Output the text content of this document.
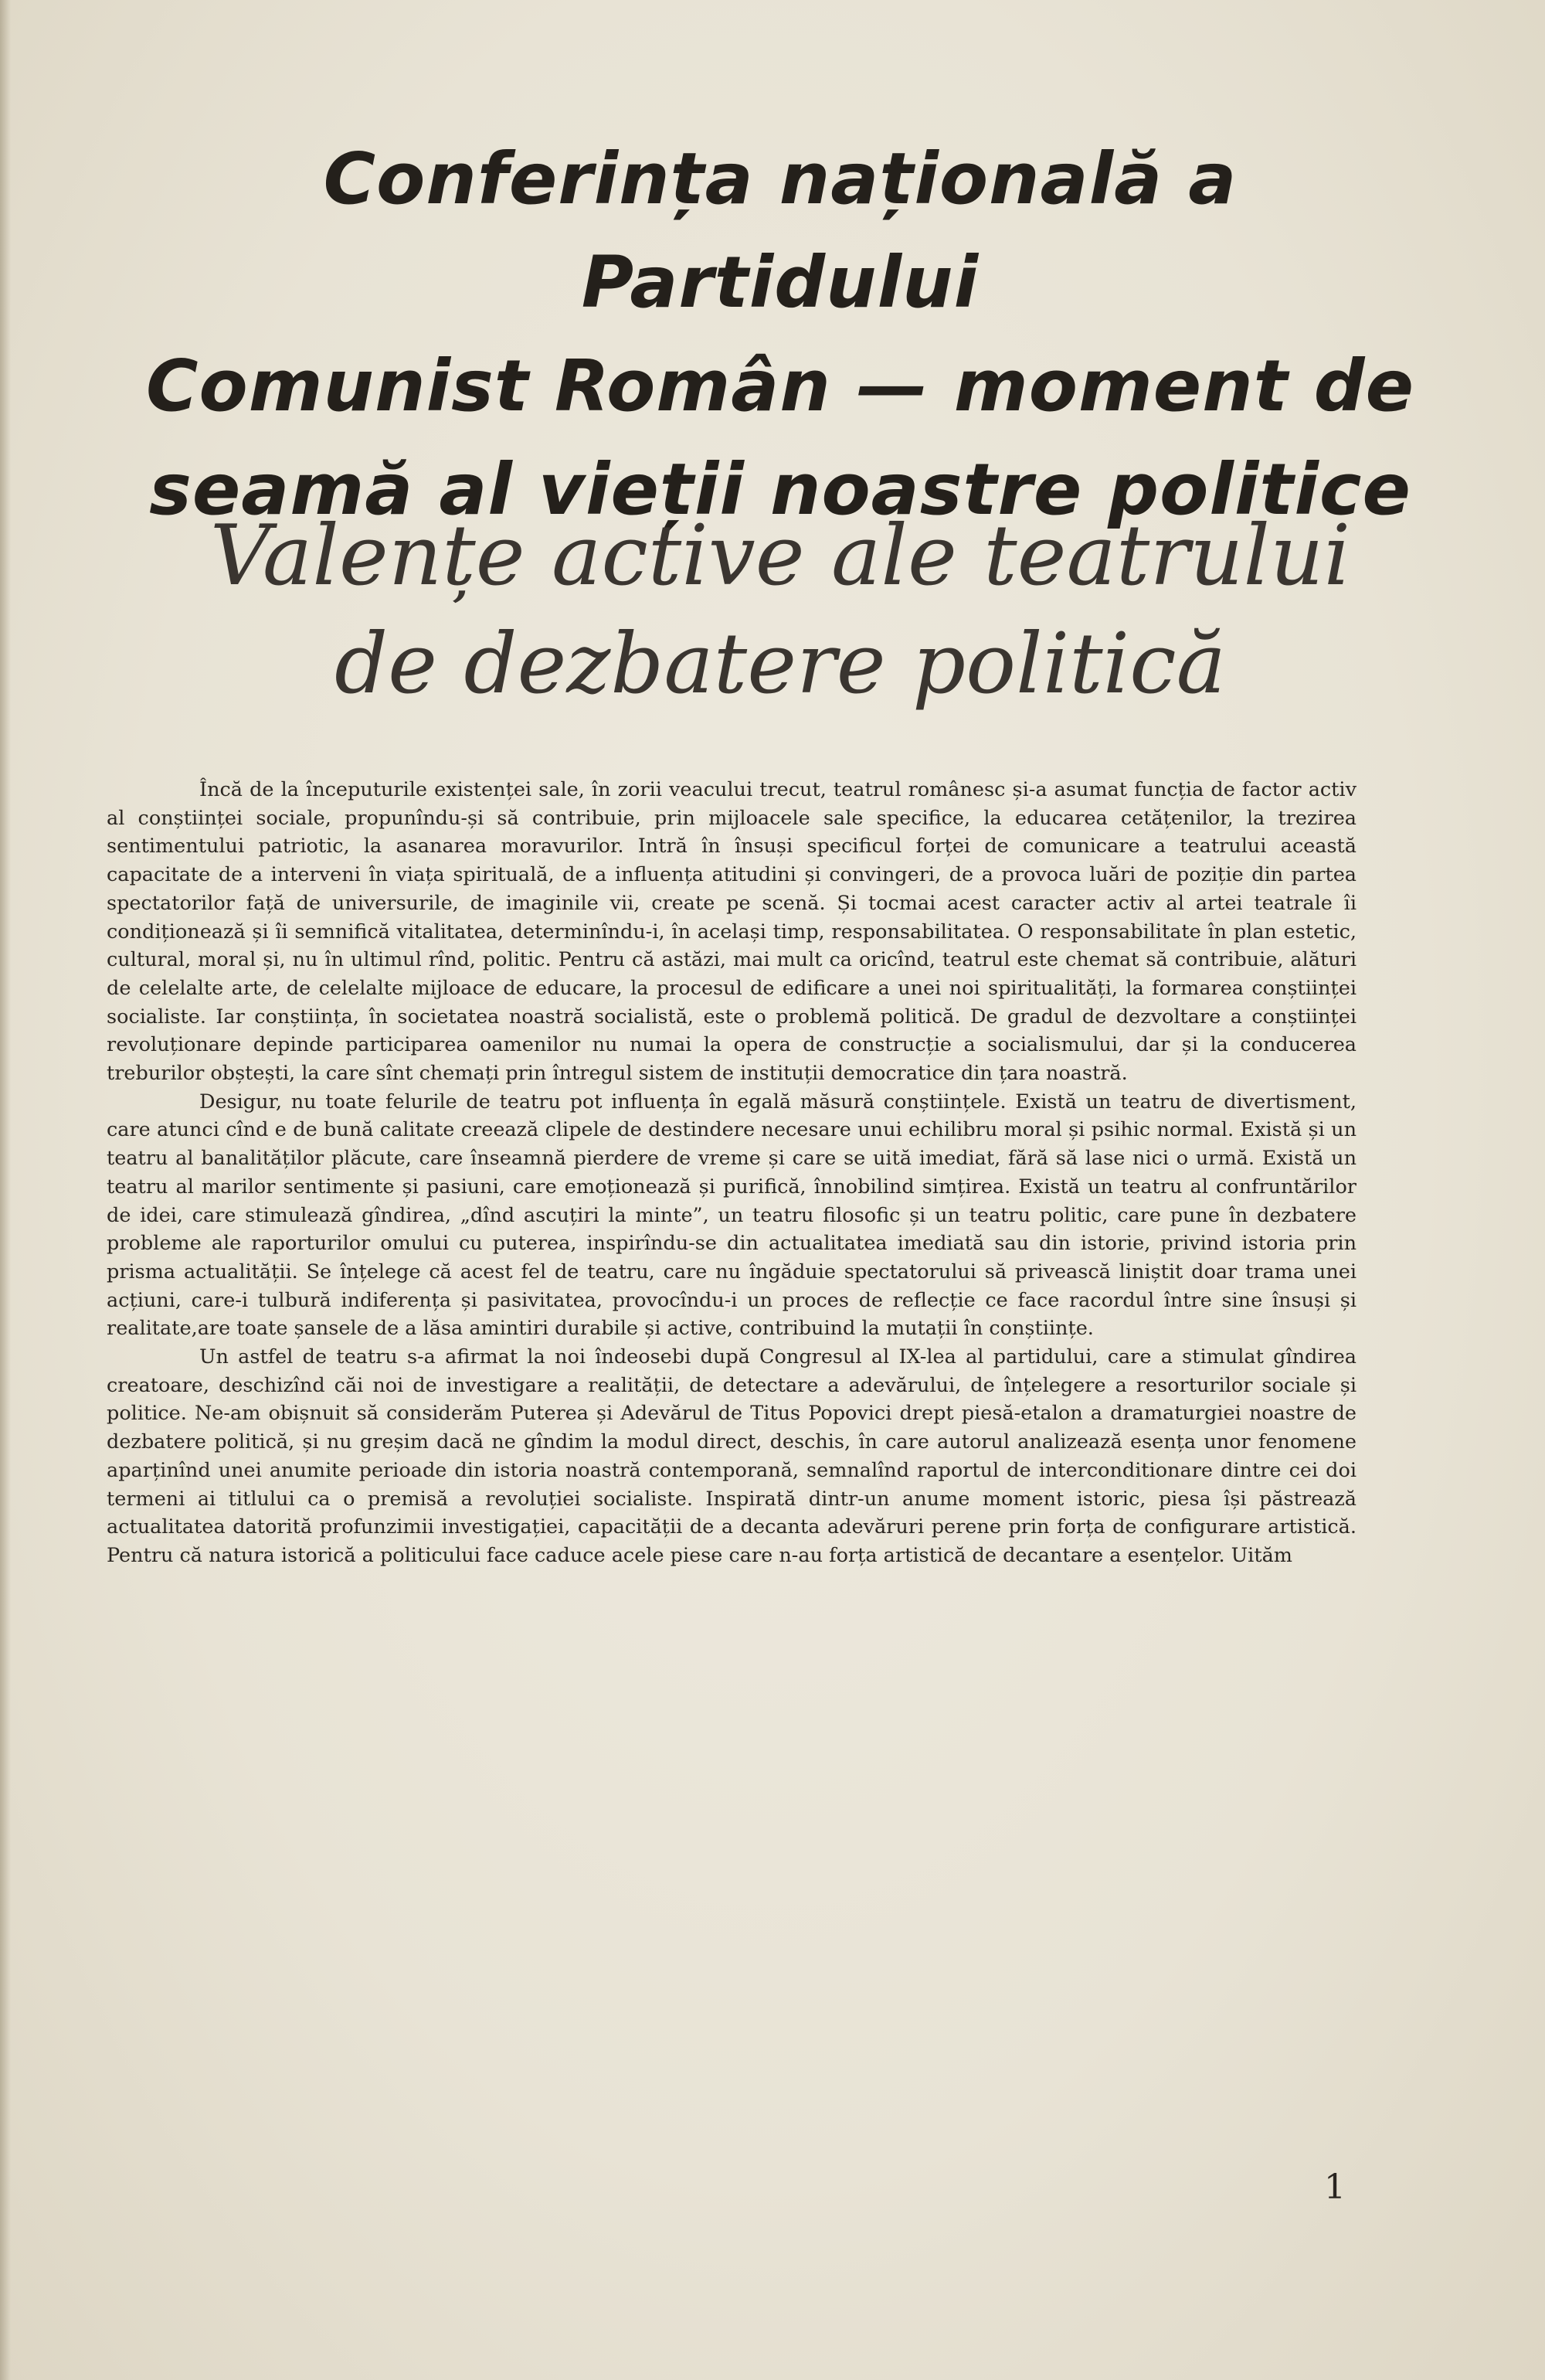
Conferința națională a Partidului
Comunist Român — moment de
seamă al vieții noastre politice
Valențe active ale teatrului
de dezbatere politică

Încă de la începuturile existenței sale, în zorii veacului trecut, teatrul românesc și-a asumat funcția de factor activ al conștiinței sociale, propunîndu-și să contribuie, prin mijloacele sale specifice, la educarea cetățenilor, la trezirea sentimentului patriotic, la asanarea moravurilor. Intră în însuși specificul forței de comunicare a teatrului această capacitate de a interveni în viața spirituală, de a influența atitudini și convingeri, de a provoca luări de poziție din partea spectatorilor față de universurile, de imaginile vii, create pe scenă. Și tocmai acest caracter activ al artei teatrale îi condiționează și îi semnifică vitalitatea, determinîndu-i, în același timp, responsabilitatea. O responsabilitate în plan estetic, cultural, moral și, nu în ultimul rînd, politic. Pentru că astăzi, mai mult ca oricînd, teatrul este chemat să contribuie, alături de celelalte arte, de celelalte mijloace de educare, la procesul de edificare a unei noi spiritualități, la formarea conștiinței socialiste. Iar conștiința, în societatea noastră socialistă, este o problemă politică. De gradul de dezvoltare a conștiinței revoluționare depinde participarea oamenilor nu numai la opera de construcție a socialismului, dar și la conducerea treburilor obștești, la care sînt chemați prin întregul sistem de instituții democratice din țara noastră.

Desigur, nu toate felurile de teatru pot influența în egală măsură conștiințele. Există un teatru de divertisment, care atunci cînd e de bună calitate creează clipele de destindere necesare unui echilibru moral și psihic normal. Există și un teatru al banalităților plăcute, care înseamnă pierdere de vreme și care se uită imediat, fără să lase nici o urmă. Există un teatru al marilor sentimente și pasiuni, care emoționează și purifică, înnobilind simțirea. Există un teatru al confruntărilor de idei, care stimulează gîndirea, „dînd ascuțiri la minte”, un teatru filosofic și un teatru politic, care pune în dezbatere probleme ale raporturilor omului cu puterea, inspirîndu-se din actualitatea imediată sau din istorie, privind istoria prin prisma actualității. Se înțelege că acest fel de teatru, care nu îngăduie spectatorului să privească liniștit doar trama unei acțiuni, care-i tulbură indiferența și pasivitatea, provocîndu-i un proces de reflecție ce face racordul între sine însuși și realitate,are toate șansele de a lăsa amintiri durabile și active, contribuind la mutații în conștiințe.

Un astfel de teatru s-a afirmat la noi îndeosebi după Congresul al IX-lea al partidului, care a stimulat gîndirea creatoare, deschizînd căi noi de investigare a realității, de detectare a adevărului, de înțelegere a resorturilor sociale și politice. Ne-am obișnuit să considerăm Puterea și Adevărul de Titus Popovici drept piesă-etalon a dramaturgiei noastre de dezbatere politică, și nu greșim dacă ne gîndim la modul direct, deschis, în care autorul analizează esența unor fenomene aparținînd unei anumite perioade din istoria noastră contemporană, semnalînd raportul de interconditionare dintre cei doi termeni ai titlului ca o premisă a revoluției socialiste. Inspirată dintr-un anume moment istoric, piesa își păstrează actualitatea datorită profunzimii investigației, capacității de a decanta adevăruri perene prin forța de configurare artistică. Pentru că natura istorică a politicului face caduce acele piese care n-au forța artistică de decantare a esențelor. Uităm

1
